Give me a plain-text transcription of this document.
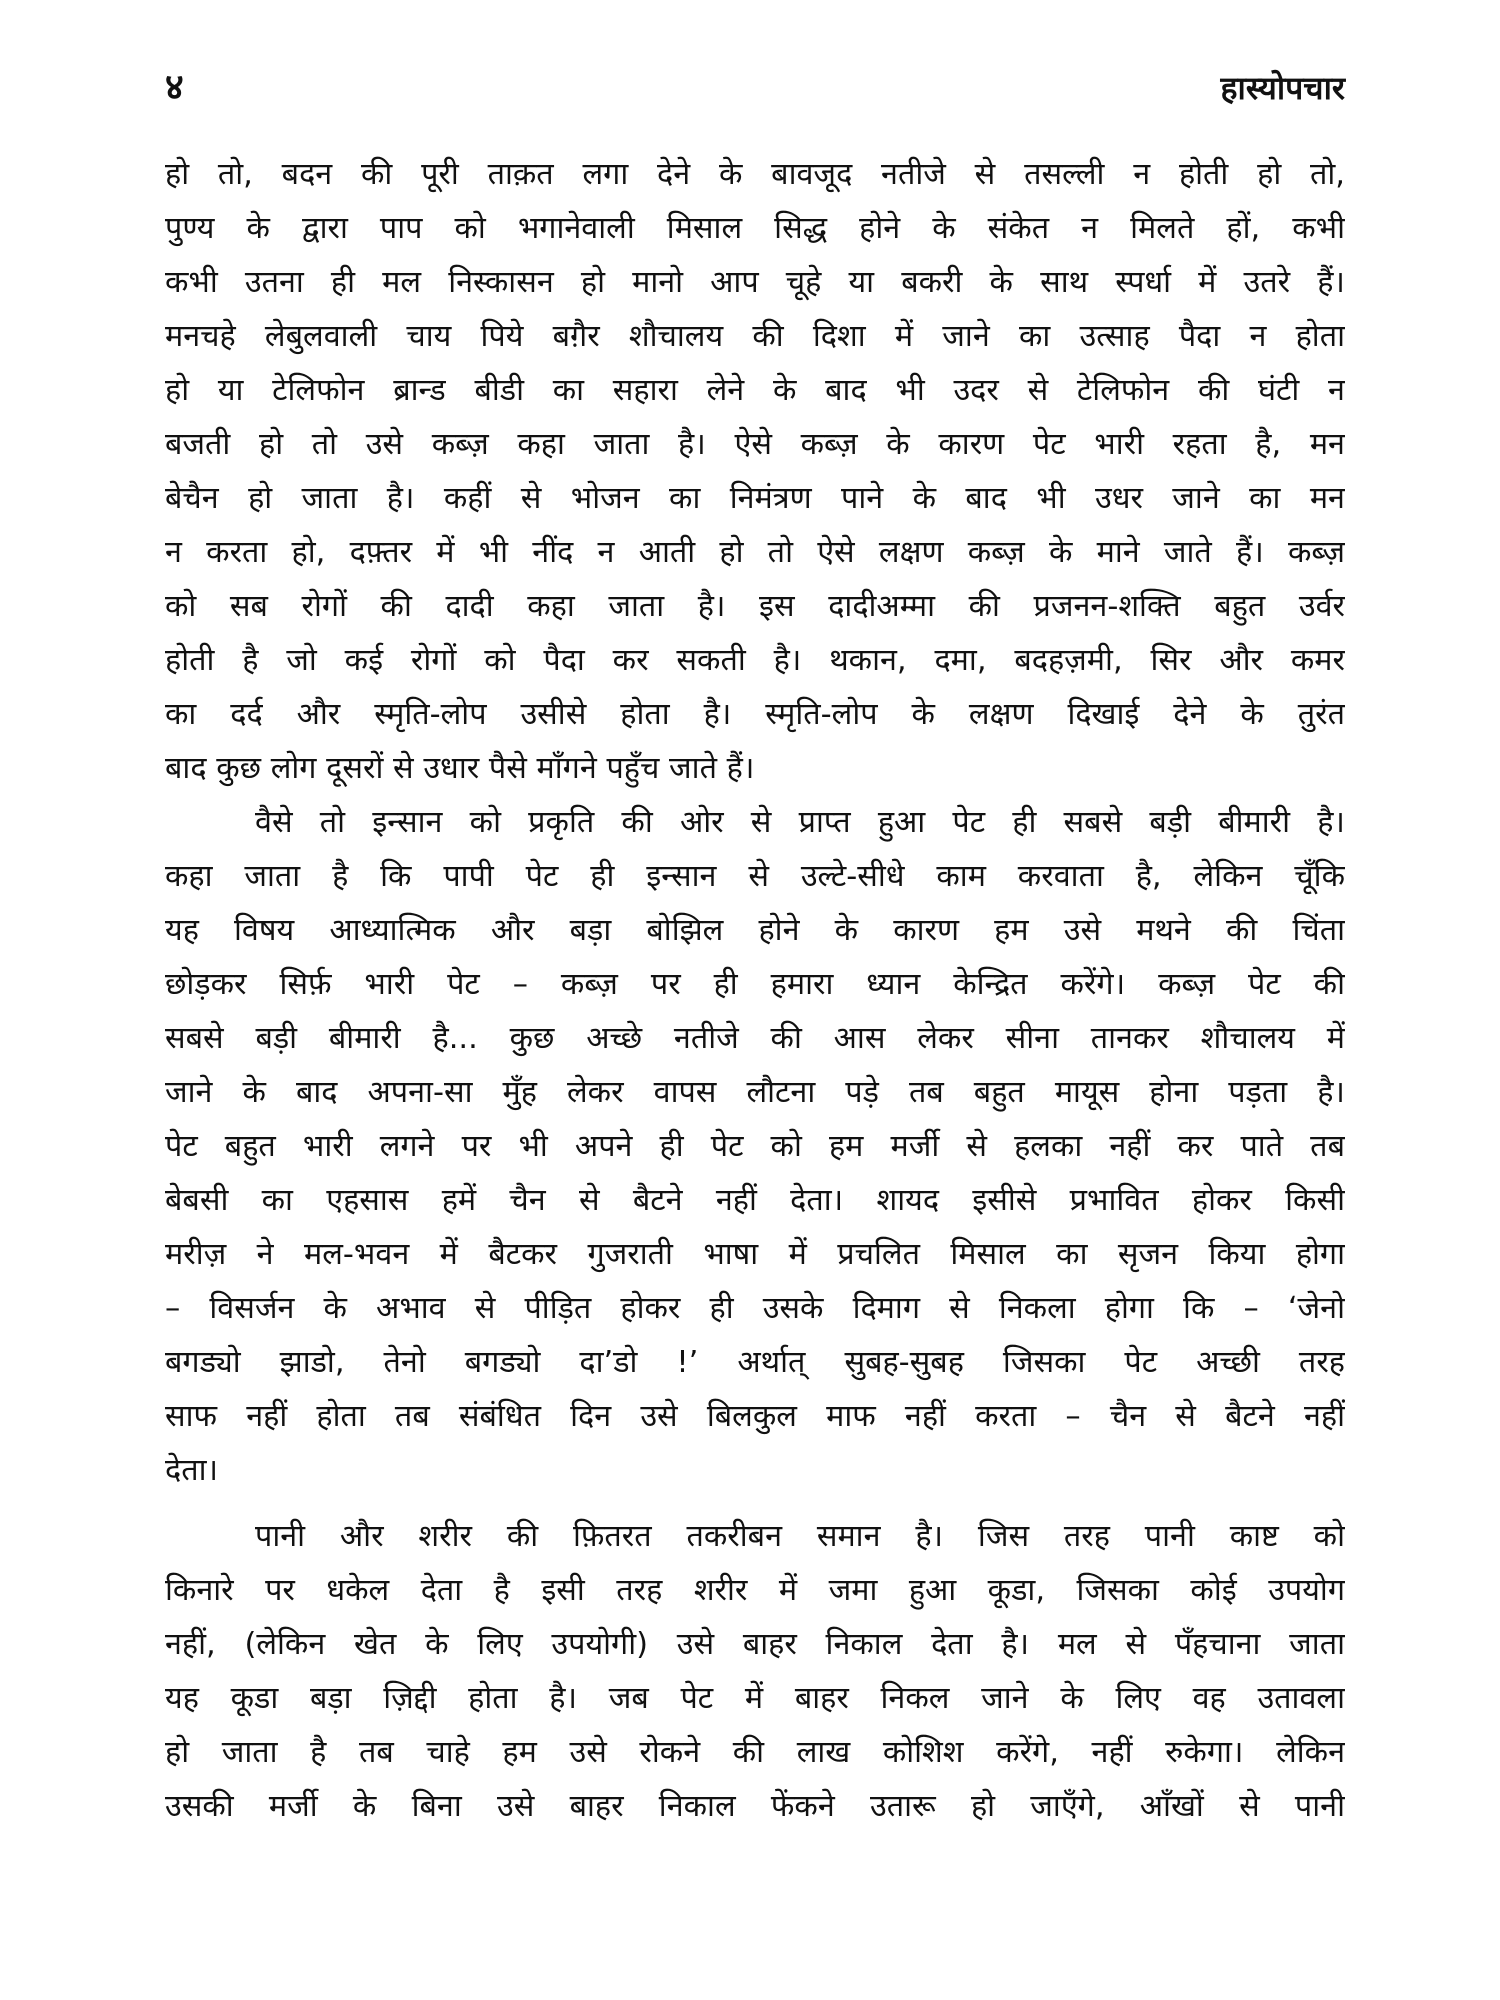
४	हास्योपचार
हो तो, बदन की पूरी ताक़त लगा देने के बावजूद नतीजे से तसल्ली न होती हो तो,
पुण्य के द्वारा पाप को भगानेवाली मिसाल सिद्ध होने के संकेत न मिलते हों, कभी
कभी उतना ही मल निस्कासन हो मानो आप चूहे या बकरी के साथ स्पर्धा में उतरे हैं।
मनचहे लेबुलवाली चाय पिये बग़ैर शौचालय की दिशा में जाने का उत्साह पैदा न होता
हो या टेलिफोन ब्रान्ड बीडी का सहारा लेने के बाद भी उदर से टेलिफोन की घंटी न
बजती हो तो उसे कब्ज़ कहा जाता है। ऐसे कब्ज़ के कारण पेट भारी रहता है, मन
बेचैन हो जाता है। कहीं से भोजन का निमंत्रण पाने के बाद भी उधर जाने का मन
न करता हो, दफ़्तर में भी नींद न आती हो तो ऐसे लक्षण कब्ज़ के माने जाते हैं। कब्ज़
को सब रोगों की दादी कहा जाता है। इस दादीअम्मा की प्रजनन-शक्ति बहुत उर्वर
होती है जो कई रोगों को पैदा कर सकती है। थकान, दमा, बदहज़मी, सिर और कमर
का दर्द और स्मृति-लोप उसीसे होता है। स्मृति-लोप के लक्षण दिखाई देने के तुरंत
बाद कुछ लोग दूसरों से उधार पैसे माँगने पहुँच जाते हैं।
वैसे तो इन्सान को प्रकृति की ओर से प्राप्त हुआ पेट ही सबसे बड़ी बीमारी है।
कहा जाता है कि पापी पेट ही इन्सान से उल्टे-सीधे काम करवाता है, लेकिन चूँकि
यह विषय आध्यात्मिक और बड़ा बोझिल होने के कारण हम उसे मथने की चिंता
छोड़कर सिर्फ़ भारी पेट – कब्ज़ पर ही हमारा ध्यान केन्द्रित करेंगे। कब्ज़ पेट की
सबसे बड़ी बीमारी है... कुछ अच्छे नतीजे की आस लेकर सीना तानकर शौचालय में
जाने के बाद अपना-सा मुँह लेकर वापस लौटना पड़े तब बहुत मायूस होना पड़ता है।
पेट बहुत भारी लगने पर भी अपने ही पेट को हम मर्जी से हलका नहीं कर पाते तब
बेबसी का एहसास हमें चैन से बैटने नहीं देता। शायद इसीसे प्रभावित होकर किसी
मरीज़ ने मल-भवन में बैटकर गुजराती भाषा में प्रचलित मिसाल का सृजन किया होगा
– विसर्जन के अभाव से पीड़ित होकर ही उसके दिमाग से निकला होगा कि – ‘जेनो
बगड्यो झाडो, तेनो बगड्यो दा’डो !’ अर्थात् सुबह-सुबह जिसका पेट अच्छी तरह
साफ नहीं होता तब संबंधित दिन उसे बिलकुल माफ नहीं करता – चैन से बैटने नहीं
देता।
पानी और शरीर की फ़ितरत तकरीबन समान है। जिस तरह पानी काष्ट को
किनारे पर धकेल देता है इसी तरह शरीर में जमा हुआ कूडा, जिसका कोई उपयोग
नहीं, (लेकिन खेत के लिए उपयोगी) उसे बाहर निकाल देता है। मल से पँहचाना जाता
यह कूडा बड़ा ज़िद्दी होता है। जब पेट में बाहर निकल जाने के लिए वह उतावला
हो जाता है तब चाहे हम उसे रोकने की लाख कोशिश करेंगे, नहीं रुकेगा। लेकिन
उसकी मर्जी के बिना उसे बाहर निकाल फेंकने उतारू हो जाएँगे, आँखों से पानी
